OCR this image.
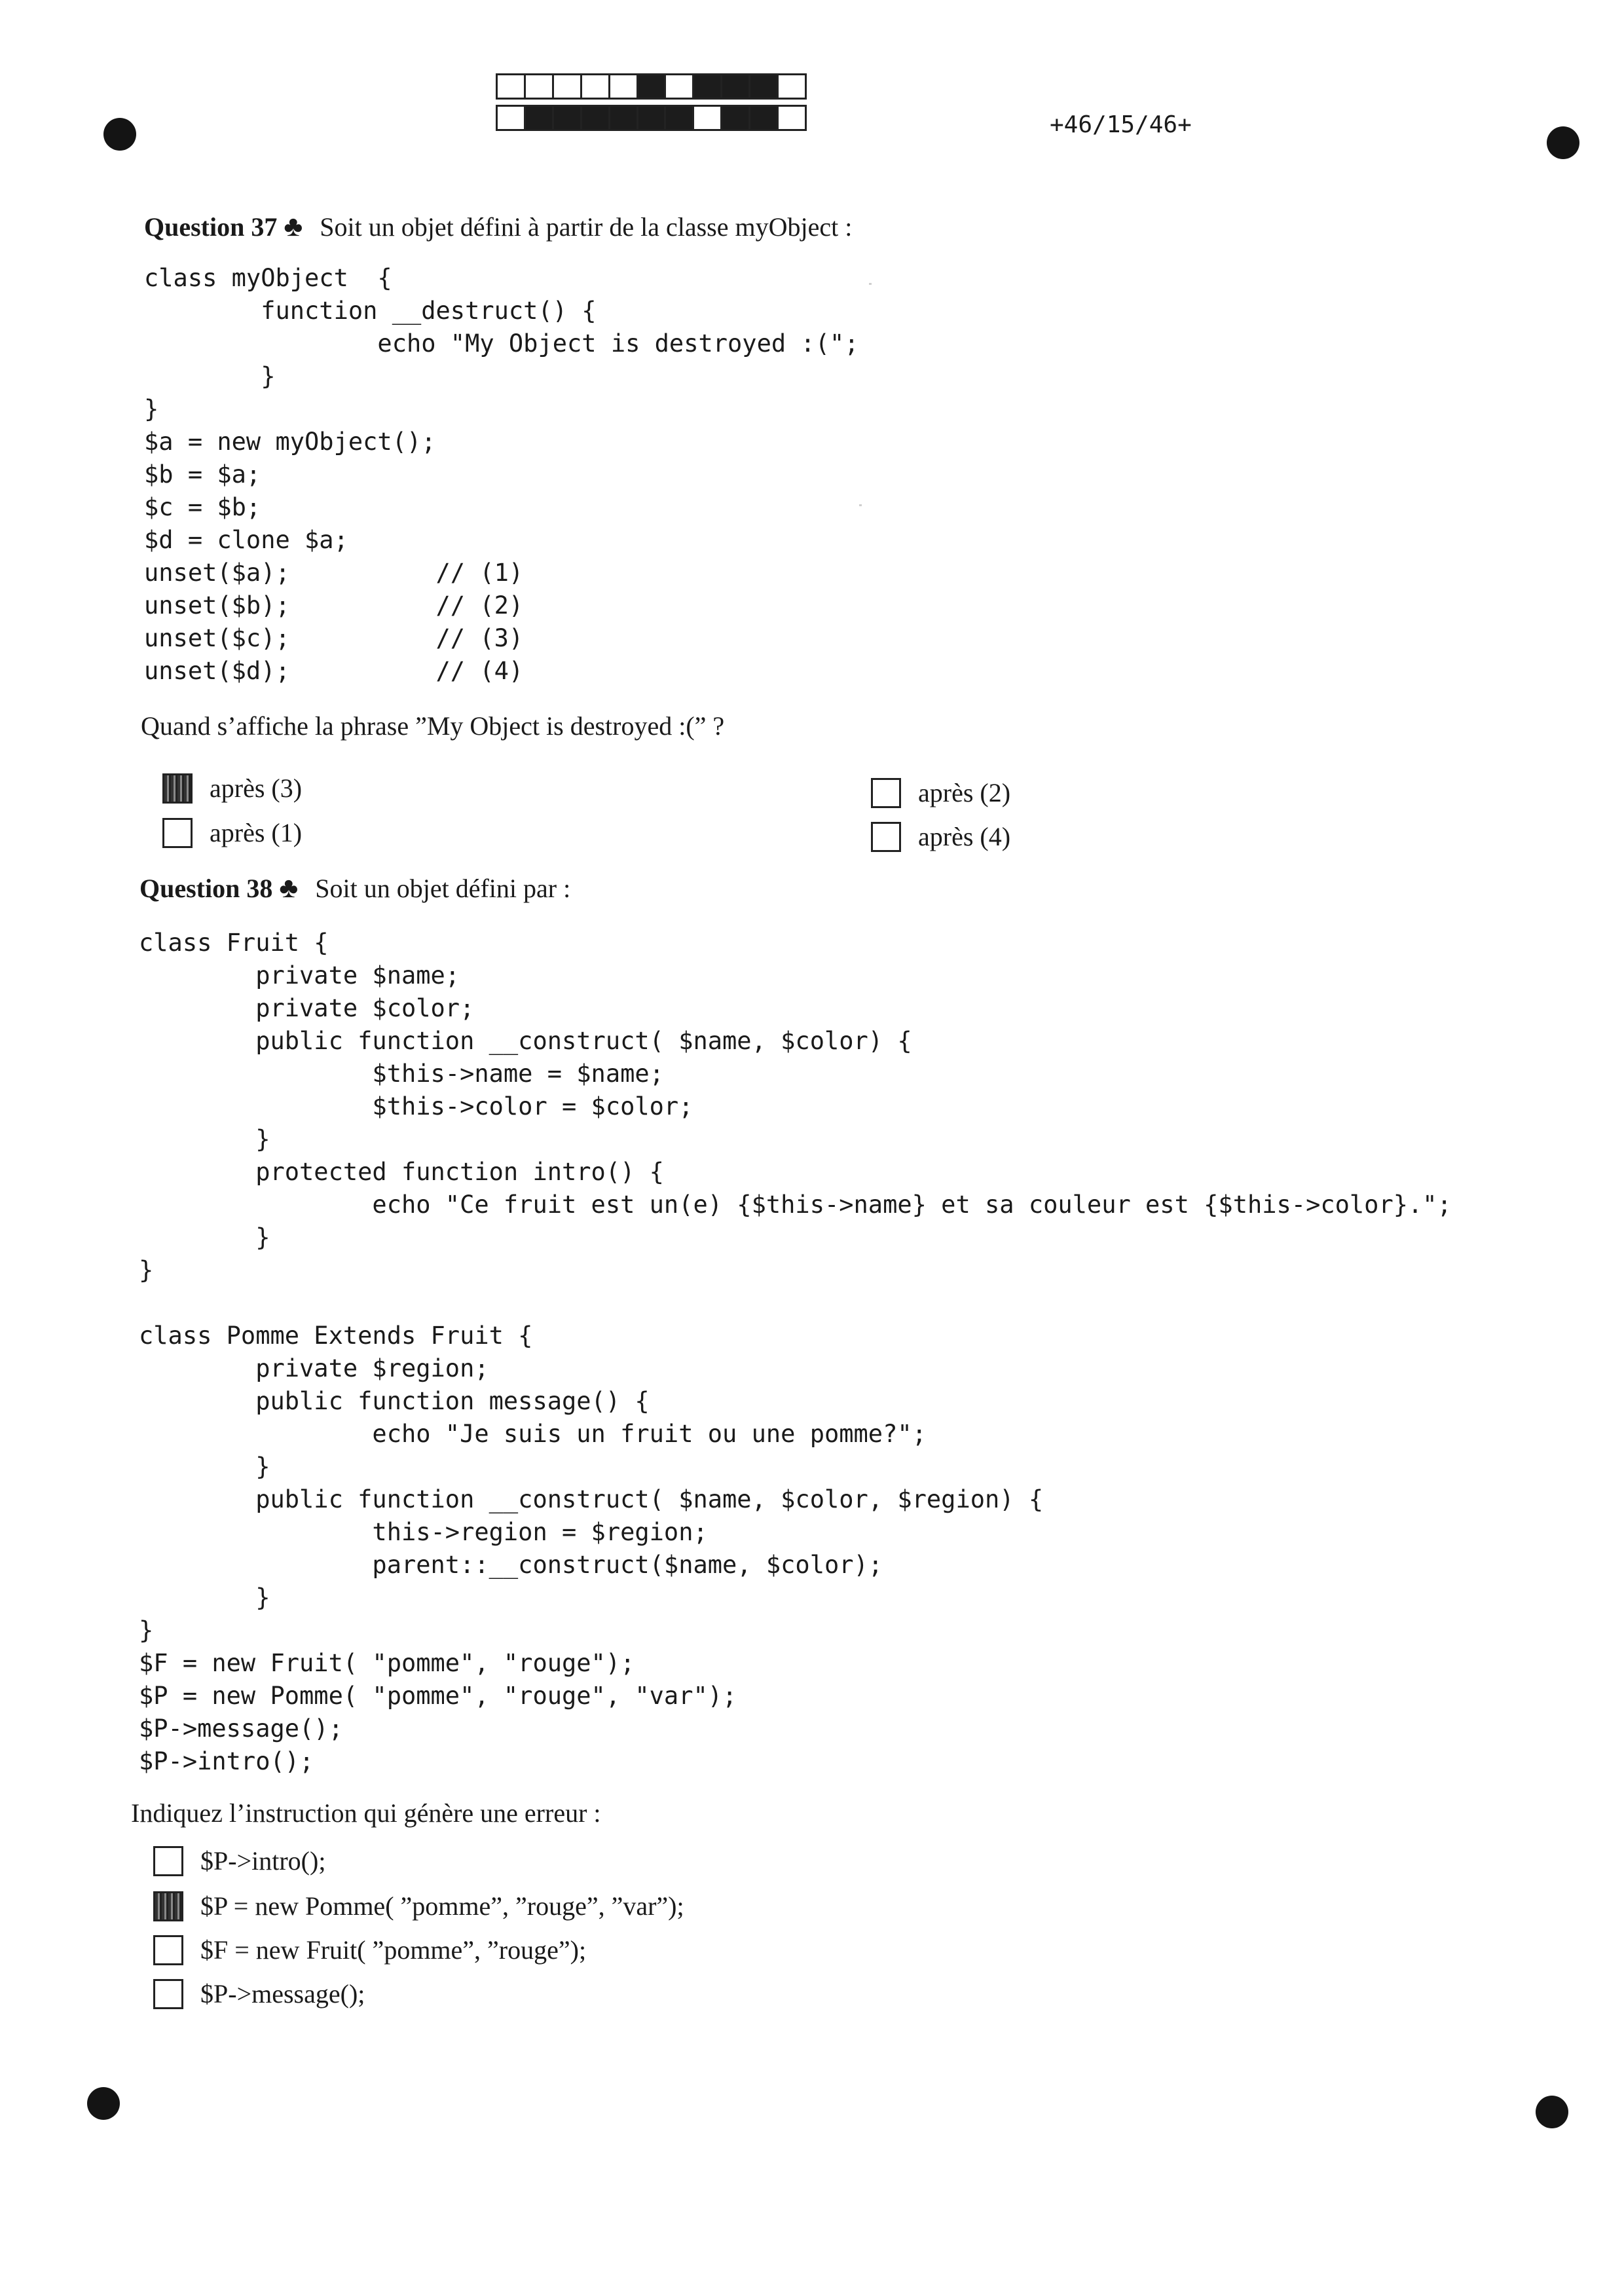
+46/15/46+
Question 37 ♣ Soit un objet défini à partir de la classe myObject :
class myObject  {
function __destruct() {
echo "My Object is destroyed :(";
}
}
$a = new myObject();
$b = $a;
$c = $b;
$d = clone $a;
unset($a);          // (1)
unset($b);          // (2)
unset($c);          // (3)
unset($d);          // (4)
Quand s’affiche la phrase ”My Object is destroyed :(” ?
après (3)
après (1)
après (2)
après (4)
Question 38 ♣ Soit un objet défini par :
class Fruit {
private $name;
private $color;
public function __construct( $name, $color) {
$this->name = $name;
$this->color = $color;
}
protected function intro() {
echo "Ce fruit est un(e) {$this->name} et sa couleur est {$this->color}.";
}
}

class Pomme Extends Fruit {
private $region;
public function message() {
echo "Je suis un fruit ou une pomme?";
}
public function __construct( $name, $color, $region) {
this->region = $region;
parent::__construct($name, $color);
}
}
$F = new Fruit( "pomme", "rouge");
$P = new Pomme( "pomme", "rouge", "var");
$P->message();
$P->intro();
Indiquez l’instruction qui génère une erreur :
$P->intro();
$P = new Pomme( ”pomme”, ”rouge”, ”var”);
$F = new Fruit( ”pomme”, ”rouge”);
$P->message();
